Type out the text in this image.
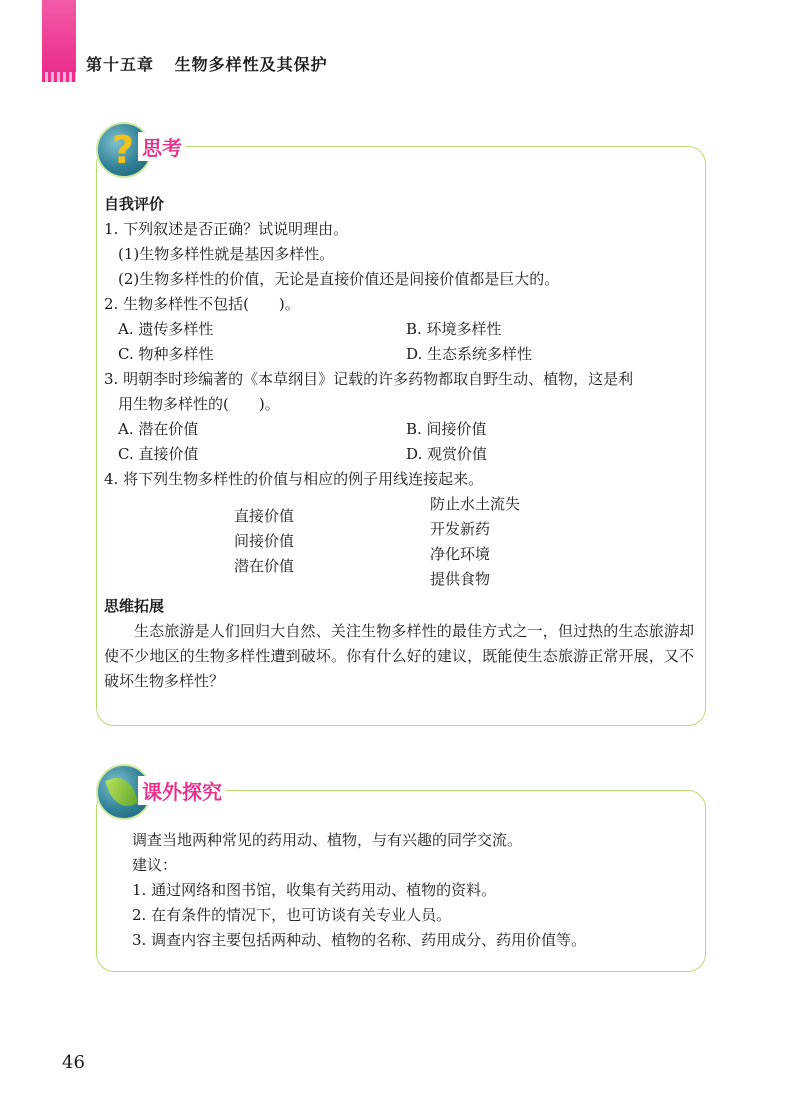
第十五章 生物多样性及其保护
? 思考
自我评价
1. 下列叙述是否正确？试说明理由。
(1)生物多样性就是基因多样性。
(2)生物多样性的价值，无论是直接价值还是间接价值都是巨大的。
2. 生物多样性不包括(　　)。
A. 遗传多样性	B. 环境多样性
C. 物种多样性	D. 生态系统多样性
3. 明朝李时珍编著的《本草纲目》记载的许多药物都取自野生动、植物，这是利
用生物多样性的(　　)。
A. 潜在价值	B. 间接价值
C. 直接价值	D. 观赏价值
4. 将下列生物多样性的价值与相应的例子用线连接起来。
直接价值
间接价值
潜在价值
防止水土流失
开发新药
净化环境
提供食物
思维拓展
生态旅游是人们回归大自然、关注生物多样性的最佳方式之一，但过热的生态旅游却使不少地区的生物多样性遭到破坏。你有什么好的建议，既能使生态旅游正常开展，又不破坏生物多样性？
课外探究
调查当地两种常见的药用动、植物，与有兴趣的同学交流。
建议：
1. 通过网络和图书馆，收集有关药用动、植物的资料。
2. 在有条件的情况下，也可访谈有关专业人员。
3. 调查内容主要包括两种动、植物的名称、药用成分、药用价值等。
46
